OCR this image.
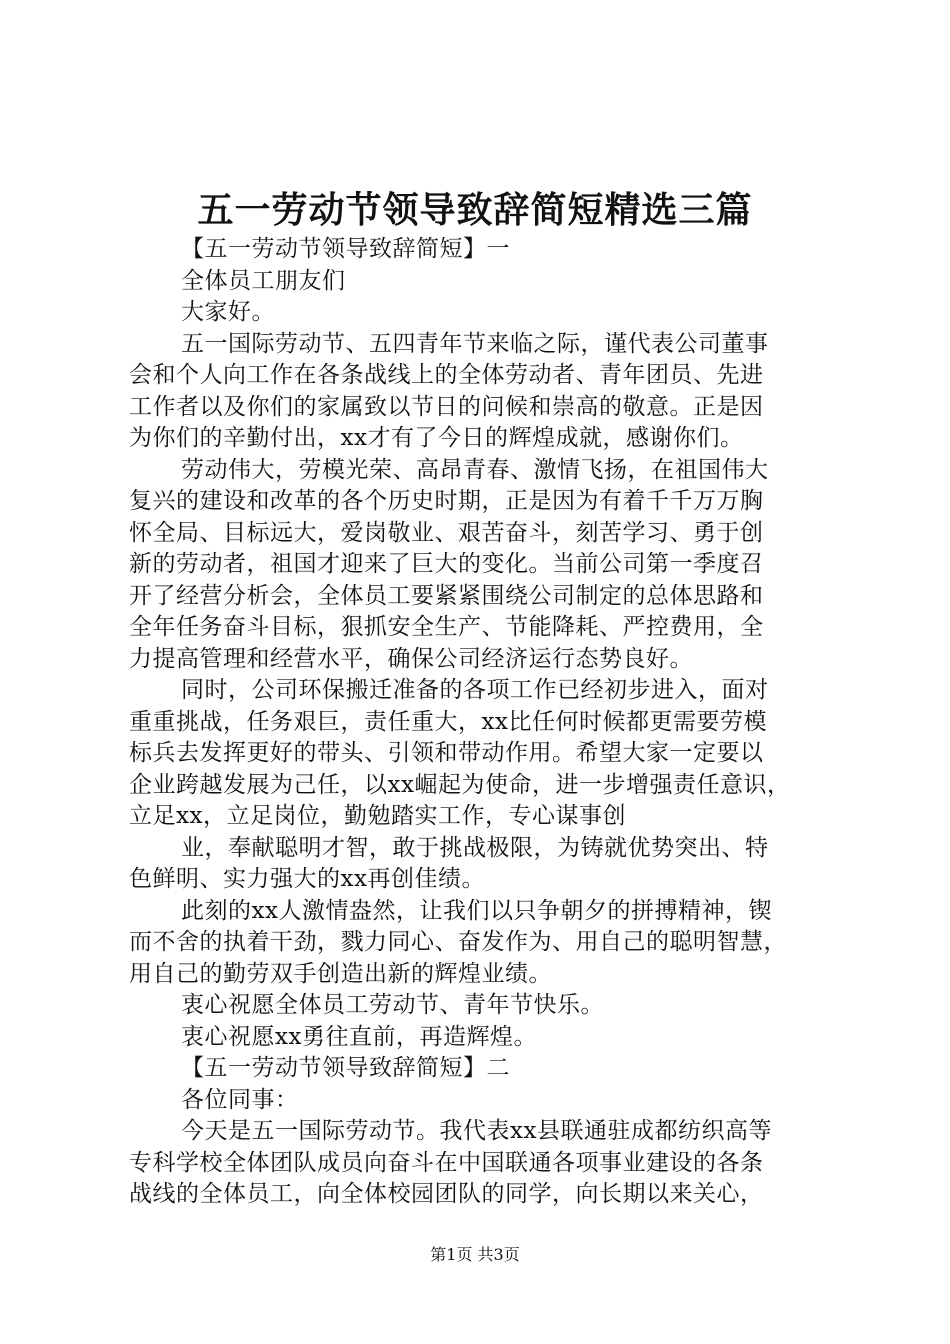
五一劳动节领导致辞简短精选三篇
【五一劳动节领导致辞简短】一
全体员工朋友们
大家好。
五一国际劳动节、五四青年节来临之际，谨代表公司董事
会和个人向工作在各条战线上的全体劳动者、青年团员、先进
工作者以及你们的家属致以节日的问候和崇高的敬意。正是因
为你们的辛勤付出，xx才有了今日的辉煌成就，感谢你们。
劳动伟大，劳模光荣、高昂青春、激情飞扬，在祖国伟大
复兴的建设和改革的各个历史时期，正是因为有着千千万万胸
怀全局、目标远大，爱岗敬业、艰苦奋斗，刻苦学习、勇于创
新的劳动者，祖国才迎来了巨大的变化。当前公司第一季度召
开了经营分析会，全体员工要紧紧围绕公司制定的总体思路和
全年任务奋斗目标，狠抓安全生产、节能降耗、严控费用，全
力提高管理和经营水平，确保公司经济运行态势良好。
同时，公司环保搬迁准备的各项工作已经初步进入，面对
重重挑战，任务艰巨，责任重大，xx比任何时候都更需要劳模
标兵去发挥更好的带头、引领和带动作用。希望大家一定要以
企业跨越发展为己任，以xx崛起为使命，进一步增强责任意识，
立足xx，立足岗位，勤勉踏实工作，专心谋事创
业，奉献聪明才智，敢于挑战极限，为铸就优势突出、特
色鲜明、实力强大的xx再创佳绩。
此刻的xx人激情盎然，让我们以只争朝夕的拼搏精神，锲
而不舍的执着干劲，戮力同心、奋发作为、用自己的聪明智慧，
用自己的勤劳双手创造出新的辉煌业绩。
衷心祝愿全体员工劳动节、青年节快乐。
衷心祝愿xx勇往直前，再造辉煌。
【五一劳动节领导致辞简短】二
各位同事：
今天是五一国际劳动节。我代表xx县联通驻成都纺织高等
专科学校全体团队成员向奋斗在中国联通各项事业建设的各条
战线的全体员工，向全体校园团队的同学，向长期以来关心，
第1页 共3页
